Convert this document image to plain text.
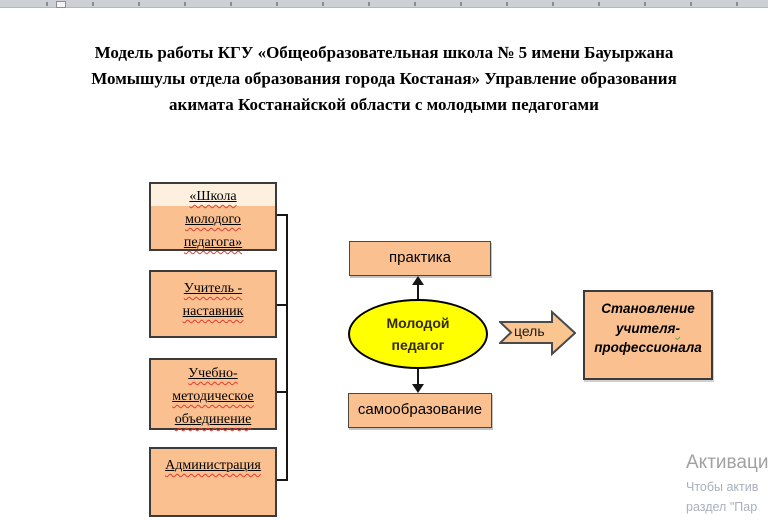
Модель работы КГУ «Общеобразовательная школа № 5 имени Бауыржана
Момышулы отдела образования города Костаная» Управление образования
акимата Костанайской области с молодыми педагогами
«Школа
молодого
педагога»
Учитель -
наставник
Учебно-
методическое
объединение
Администрация
практика
Молодой
педагог
самообразование
цель
Становление
учителя-
профессионала
Активаци
Чтобы актив
раздел "Пар
